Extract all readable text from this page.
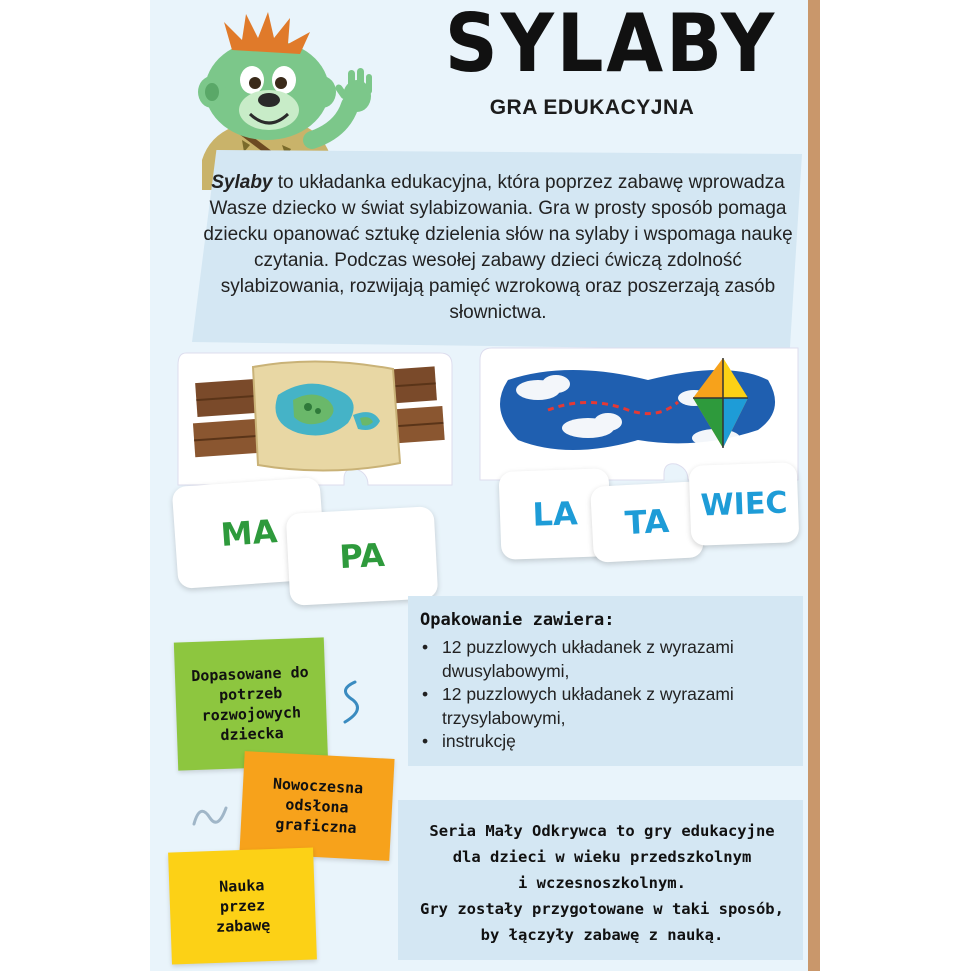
SYLABY
GRA EDUKACYJNA
Sylaby to układanka edukacyjna, która poprzez zabawę wprowadza Wasze dziecko w świat sylabizowania. Gra w prosty sposób pomaga dziecku opanować sztukę dzielenia słów na sylaby i wspomaga naukę czytania. Podczas wesołej zabawy dzieci ćwiczą zdolność sylabizowania, rozwijają pamięć wzrokową oraz poszerzają zasób słownictwa.
MA
PA
LA TA WIEC
Dopasowane do potrzeb rozwojowych dziecka
Nowoczesna odsłona graficzna
Nauka przez zabawę
Opakowanie zawiera:
• 12 puzzlowych układanek z wyrazami dwusylabowymi,
• 12 puzzlowych układanek z wyrazami trzysylabowymi,
• instrukcję
Seria Mały Odkrywca to gry edukacyjne
dla dzieci w wieku przedszkolnym
i wczesnoszkolnym.
Gry zostały przygotowane w taki sposób,
by łączyły zabawę z nauką.
